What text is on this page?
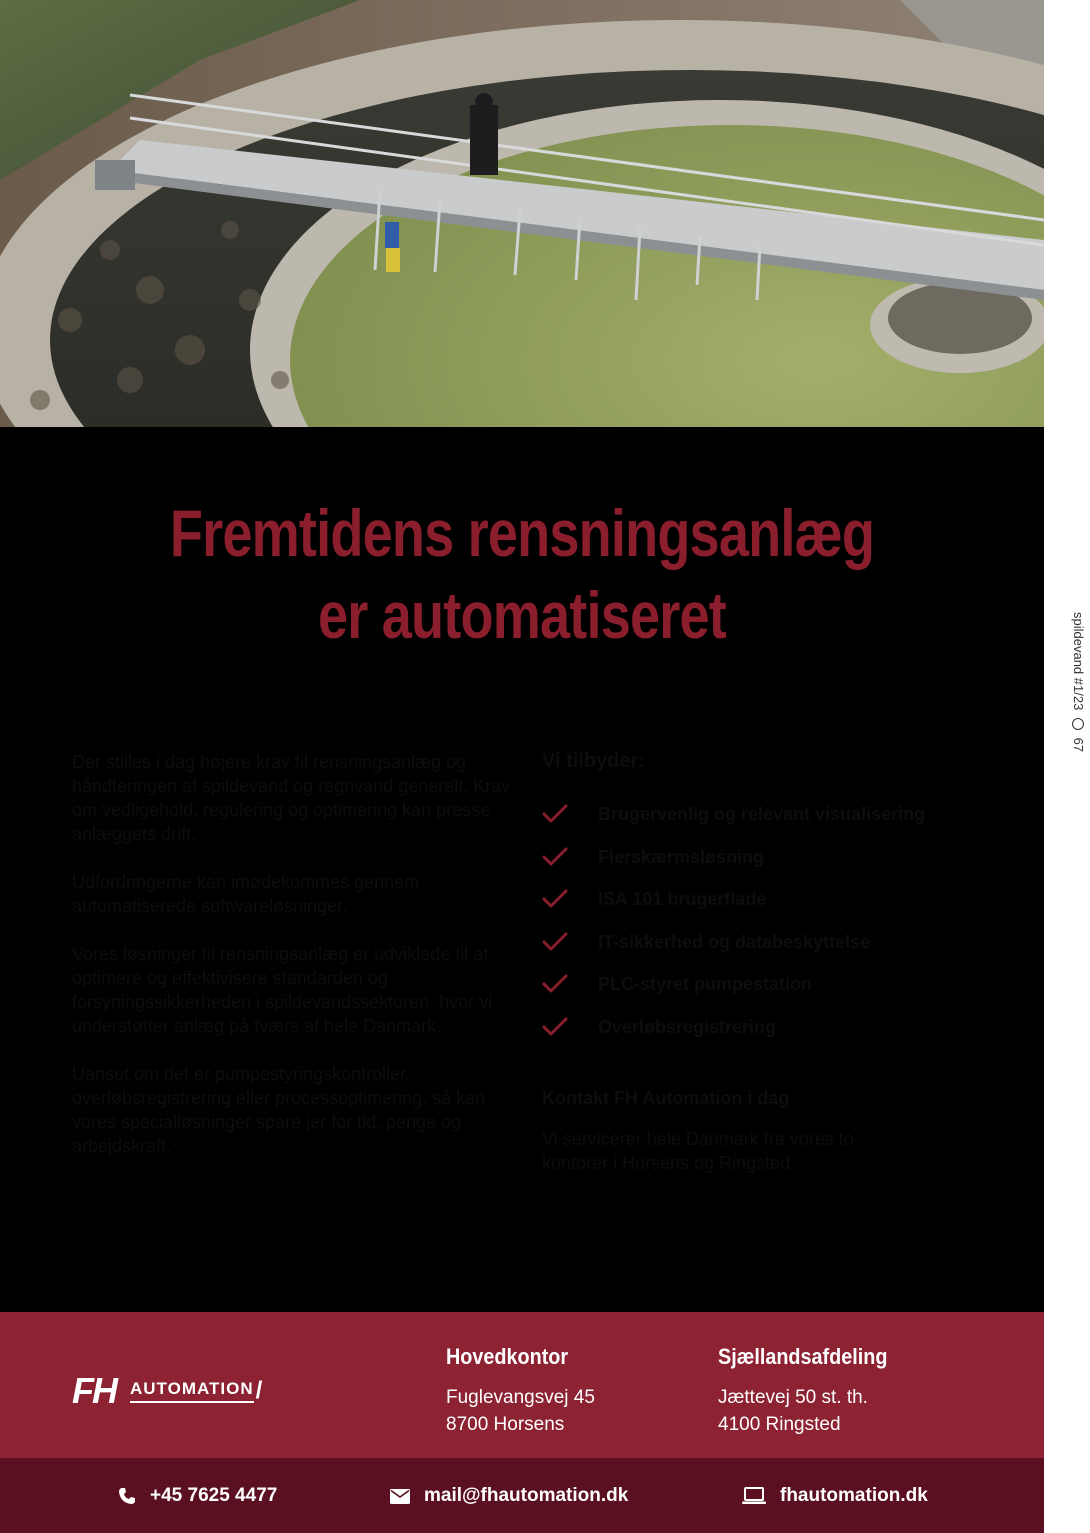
Fremtidens rensningsanlæg
er automatiseret

Der stilles i dag højere krav til rensningsanlæg og håndteringen af spildevand og regnvand generelt. Krav om vedligehold, regulering og optimering kan presse anlæggets drift.

Udfordringerne kan imødekommes gennem automatiserede softwareløsninger.

Vores løsninger til rensningsanlæg er udviklede til at optimere og effektivisere standarden og forsyningssikkerheden i spildevandssektoren, hvor vi understøtter anlæg på tværs af hele Danmark.

Uanset om det er pumpestyringskontroller, overløbsregistrering eller processoptimering, så kan vores specialløsninger spare jer for tid, penge og arbejdskraft.

Vi tilbyder:
Brugervenlig og relevant visualisering
Flerskærmsløsning
ISA 101 brugerflade
IT-sikkerhed og databeskyttelse
PLC-styret pumpestation
Overløbsregistrering
Kontakt FH Automation i dag
Vi servicerer hele Danmark fra vores to kontorer i Horsens og Ringsted.
FH AUTOMATION /
Hovedkontor

Fuglevangsvej 45

8700 Horsens

Sjællandsafdeling

Jættevej 50 st. th.

4100 Ringsted

+45 7625 4477	mail@fhautomation.dk	fhautomation.dk
spildevand #1/23  67
